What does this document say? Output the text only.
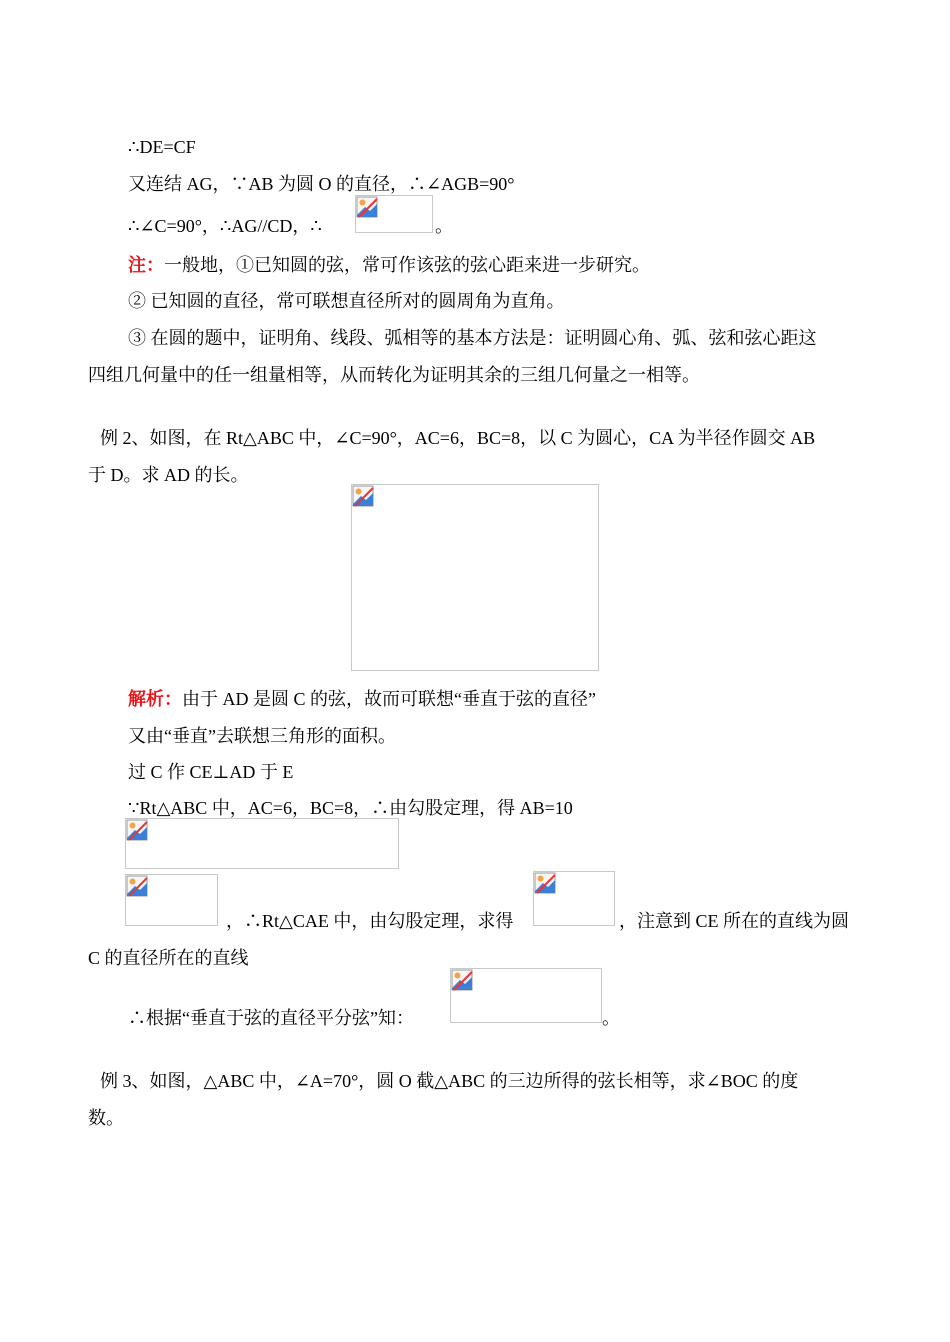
∴DE=CF
又连结 AG，∵AB 为圆 O 的直径，∴∠AGB=90°
∴∠C=90°，∴AG//CD，∴	。
注：一般地，①已知圆的弦，常可作该弦的弦心距来进一步研究。
② 已知圆的直径，常可联想直径所对的圆周角为直角。
③ 在圆的题中，证明角、线段、弧相等的基本方法是：证明圆心角、弧、弦和弦心距这
四组几何量中的任一组量相等，从而转化为证明其余的三组几何量之一相等。
例 2、如图，在 Rt△ABC 中，∠C=90°，AC=6，BC=8，以 C 为圆心，CA 为半径作圆交 AB
于 D。求 AD 的长。
解析：由于 AD 是圆 C 的弦，故而可联想“垂直于弦的直径”
又由“垂直”去联想三角形的面积。
过 C 作 CE⊥AD 于 E
∵Rt△ABC 中，AC=6，BC=8，∴由勾股定理，得 AB=10
，∴Rt△CAE 中，由勾股定理，求得	，注意到 CE 所在的直线为圆
C 的直径所在的直线
∴根据“垂直于弦的直径平分弦”知：	。
例 3、如图，△ABC 中，∠A=70°，圆 O 截△ABC 的三边所得的弦长相等，求∠BOC 的度
数。
